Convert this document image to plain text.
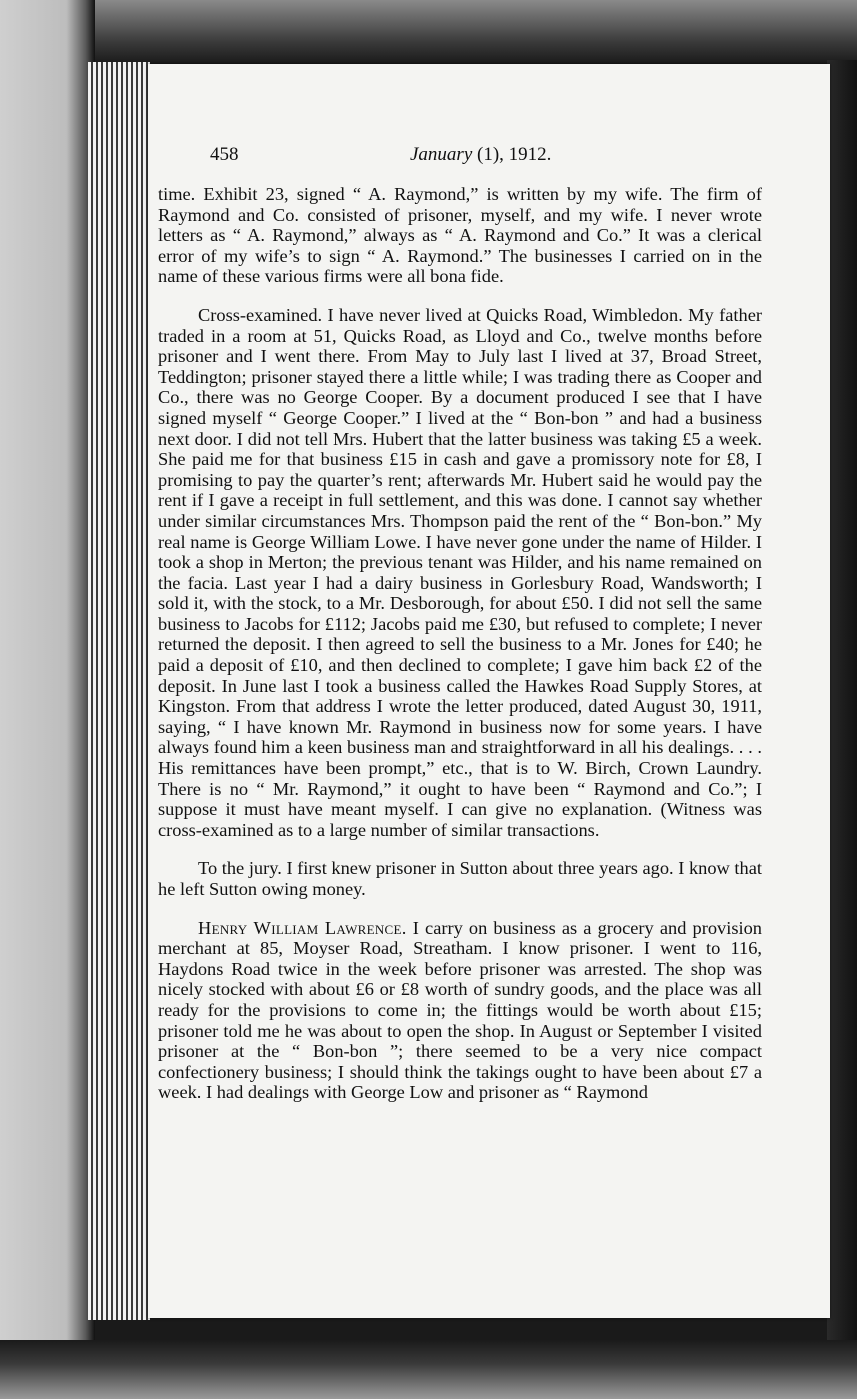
458	January (1), 1912.

time. Exhibit 23, signed “ A. Raymond,” is written by my wife. The firm of Raymond and Co. consisted of prisoner, myself, and my wife. I never wrote letters as “ A. Raymond,” always as “ A. Raymond and Co.” It was a clerical error of my wife’s to sign “ A. Raymond.” The businesses I carried on in the name of these various firms were all bona fide.

Cross-examined. I have never lived at Quicks Road, Wimbledon. My father traded in a room at 51, Quicks Road, as Lloyd and Co., twelve months before prisoner and I went there. From May to July last I lived at 37, Broad Street, Teddington; prisoner stayed there a little while; I was trading there as Cooper and Co., there was no George Cooper. By a document produced I see that I have signed myself “ George Cooper.” I lived at the “ Bon-bon ” and had a business next door. I did not tell Mrs. Hubert that the latter business was taking £5 a week. She paid me for that business £15 in cash and gave a promissory note for £8, I promising to pay the quarter’s rent; afterwards Mr. Hubert said he would pay the rent if I gave a receipt in full settlement, and this was done. I cannot say whether under similar circumstances Mrs. Thompson paid the rent of the “ Bon-bon.” My real name is George William Lowe. I have never gone under the name of Hilder. I took a shop in Merton; the previous tenant was Hilder, and his name remained on the facia. Last year I had a dairy business in Gorlesbury Road, Wandsworth; I sold it, with the stock, to a Mr. Desborough, for about £50. I did not sell the same business to Jacobs for £112; Jacobs paid me £30, but refused to complete; I never returned the deposit. I then agreed to sell the business to a Mr. Jones for £40; he paid a deposit of £10, and then declined to complete; I gave him back £2 of the deposit. In June last I took a business called the Hawkes Road Supply Stores, at Kingston. From that address I wrote the letter produced, dated August 30, 1911, saying, “ I have known Mr. Raymond in business now for some years. I have always found him a keen business man and straightforward in all his dealings. . . . His remittances have been prompt,” etc., that is to W. Birch, Crown Laundry. There is no “ Mr. Raymond,” it ought to have been “ Raymond and Co.”; I suppose it must have meant myself. I can give no explanation. (Witness was cross-examined as to a large number of similar transactions.

To the jury. I first knew prisoner in Sutton about three years ago. I know that he left Sutton owing money.

Henry William Lawrence. I carry on business as a grocery and provision merchant at 85, Moyser Road, Streatham. I know prisoner. I went to 116, Haydons Road twice in the week before prisoner was arrested. The shop was nicely stocked with about £6 or £8 worth of sundry goods, and the place was all ready for the provisions to come in; the fittings would be worth about £15; prisoner told me he was about to open the shop. In August or September I visited prisoner at the “ Bon-bon ”; there seemed to be a very nice compact confectionery business; I should think the takings ought to have been about £7 a week. I had dealings with George Low and prisoner as “ Raymond
